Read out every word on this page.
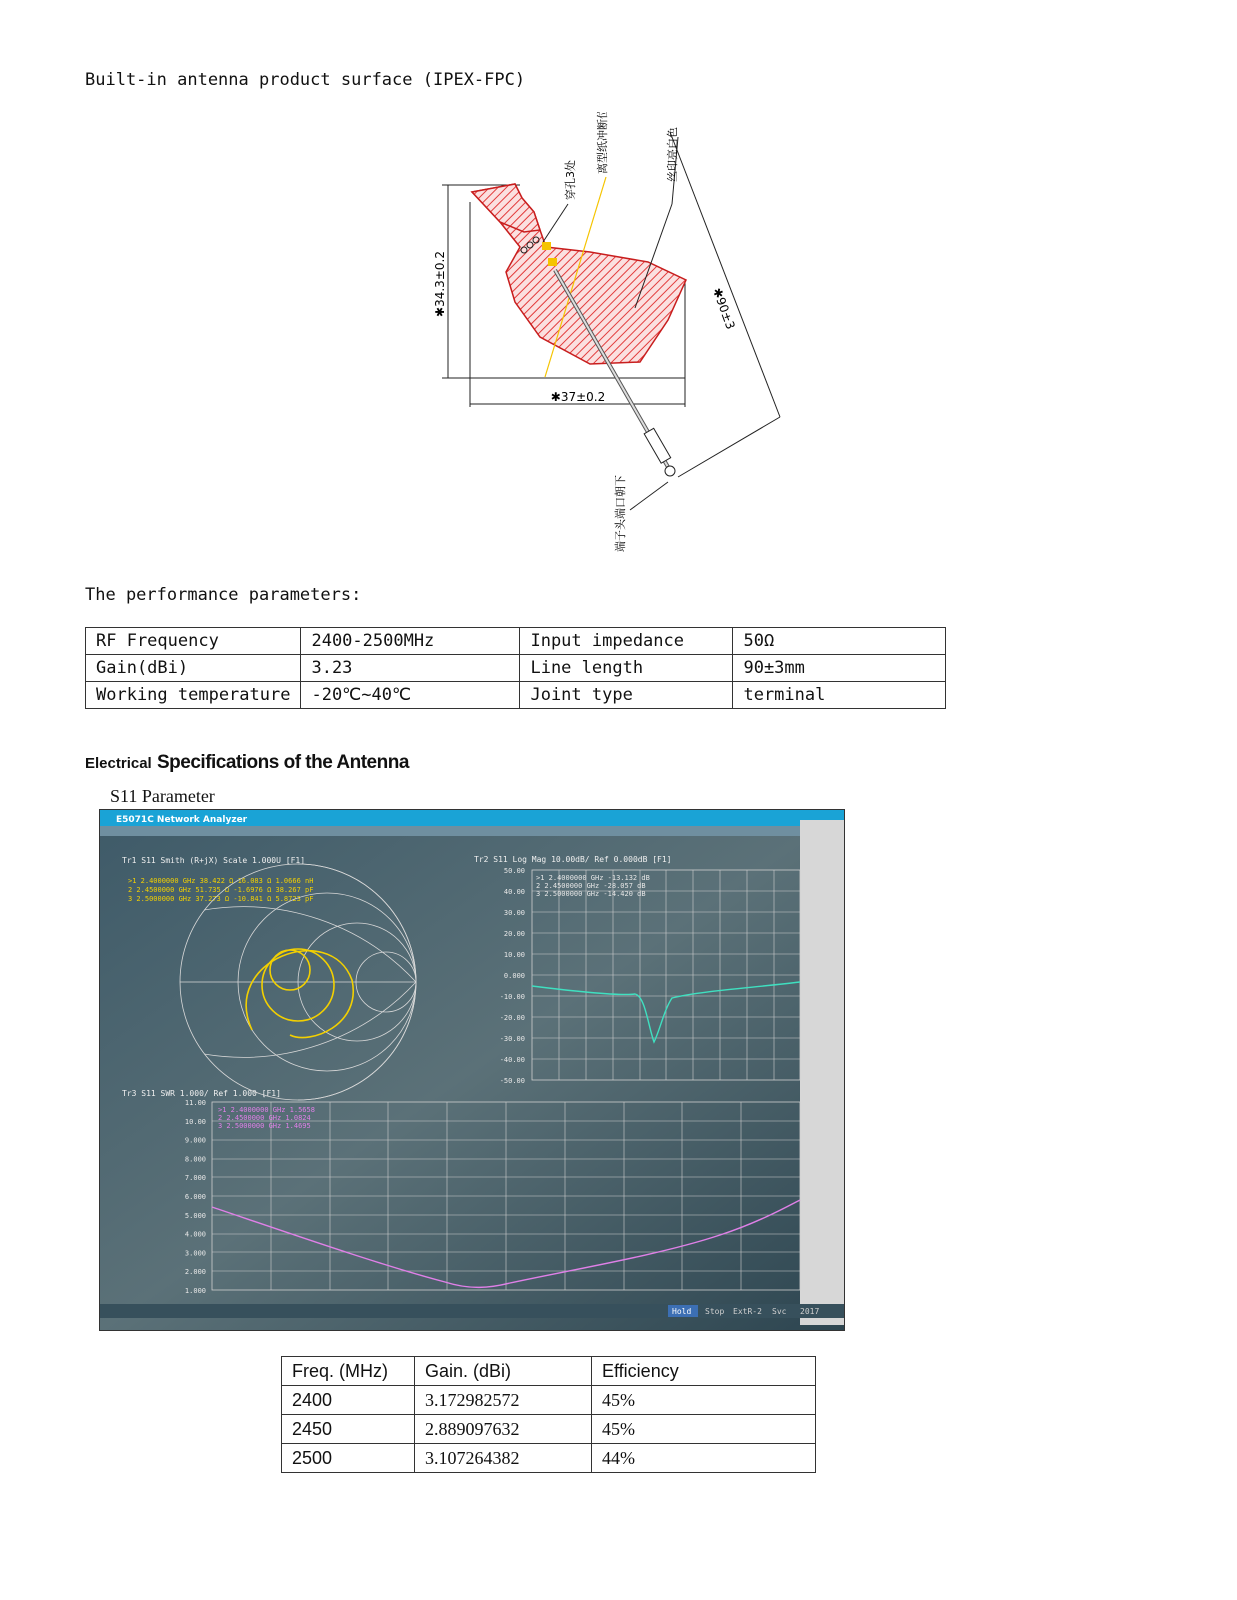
Built-in antenna product surface (IPEX-FPC)
✱34.3±0.2
✱37±0.2
✱90±3
穿孔3处
离型纸冲断位	丝印亮白色
端子头端口朝下
The performance parameters:
RF Frequency	2400-2500MHz	Input impedance	50Ω
Gain(dBi)	3.23	Line length	90±3mm
Working temperature	-20℃~40℃	Joint type	terminal
Electrical Specifications of the Antenna
S11 Parameter
E5071C Network Analyzer
Tr1 S11 Smith (R+jX) Scale 1.000U [F1]
>1 2.4000000 GHz 38.422 Ω 16.083 Ω 1.0666 nH
2 2.4500000 GHz 51.735 Ω -1.6976 Ω 38.267 pF
3 2.5000000 GHz 37.273 Ω -10.841 Ω 5.8723 pF
Tr2 S11 Log Mag 10.00dB/ Ref 0.000dB [F1]
50.00
40.00
30.00
20.00
10.00
0.000
-10.00
-20.00
-30.00
-40.00
-50.00
>1 2.4000000 GHz -13.132 dB
2 2.4500000 GHz -28.057 dB
3 2.5000000 GHz -14.420 dB
Tr3 S11 SWR 1.000/ Ref 1.000 [F1]
11.00
10.00
9.000
8.000
7.000
6.000
5.000
4.000
3.000
2.000
1.000
>1 2.4000000 GHz 1.5658
2 2.4500000 GHz 1.0824
3 2.5000000 GHz 1.4695
Hold Stop ExtR-2 Svc 2017
Freq. (MHz)	Gain. (dBi)	Efficiency
2400	3.172982572	45%
2450	2.889097632	45%
2500	3.107264382	44%
